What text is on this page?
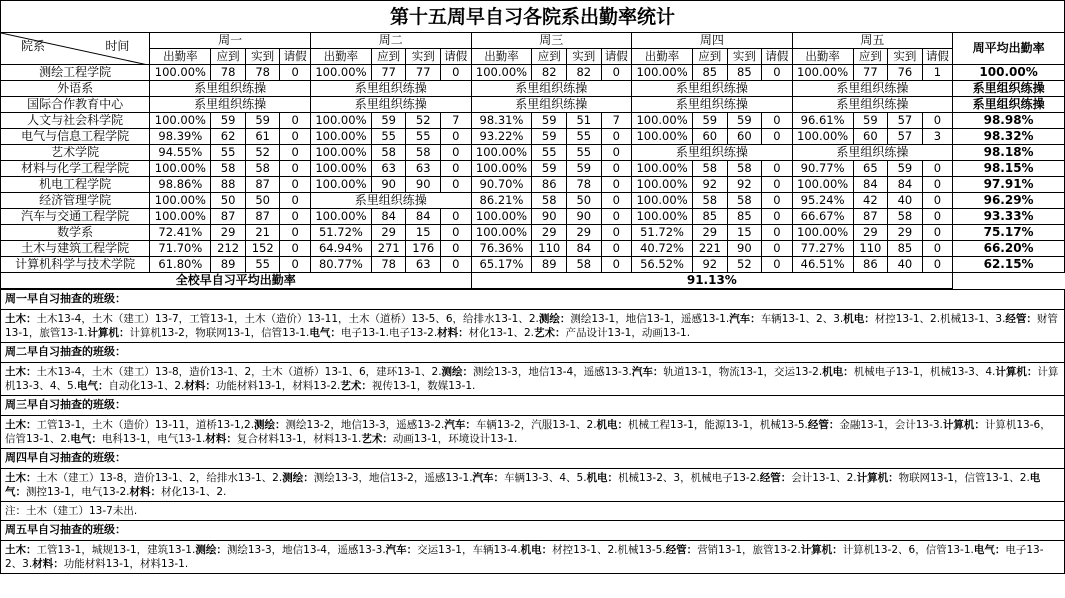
第十五周早自习各院系出勤率统计
院系 时间	周一				周二				周三				周四				周五				周平均出勤率
	出勤率	应到	实到	请假	出勤率	应到	实到	请假	出勤率	应到	实到	请假	出勤率	应到	实到	请假	出勤率	应到	实到	请假	
测绘工程学院	100.00%	78	78	0	100.00%	77	77	0	100.00%	82	82	0	100.00%	85	85	0	100.00%	77	76	1	100.00%
外语系	系里组织练操				系里组织练操				系里组织练操				系里组织练操				系里组织练操				系里组织练操
国际合作教育中心	系里组织练操				系里组织练操				系里组织练操				系里组织练操				系里组织练操				系里组织练操
人文与社会科学院	100.00%	59	59	0	100.00%	59	52	7	98.31%	59	51	7	100.00%	59	59	0	96.61%	59	57	0	98.98%
电气与信息工程学院	98.39%	62	61	0	100.00%	55	55	0	93.22%	59	55	0	100.00%	60	60	0	100.00%	60	57	3	98.32%
艺术学院	94.55%	55	52	0	100.00%	58	58	0	100.00%	55	55	0	系里组织练操				系里组织练操				98.18%
材料与化学工程学院	100.00%	58	58	0	100.00%	63	63	0	100.00%	59	59	0	100.00%	58	58	0	90.77%	65	59	0	98.15%
机电工程学院	98.86%	88	87	0	100.00%	90	90	0	90.70%	86	78	0	100.00%	92	92	0	100.00%	84	84	0	97.91%
经济管理学院	100.00%	50	50	0	系里组织练操				86.21%	58	50	0	100.00%	58	58	0	95.24%	42	40	0	96.29%
汽车与交通工程学院	100.00%	87	87	0	100.00%	84	84	0	100.00%	90	90	0	100.00%	85	85	0	66.67%	87	58	0	93.33%
数学系	72.41%	29	21	0	51.72%	29	15	0	100.00%	29	29	0	51.72%	29	15	0	100.00%	29	29	0	75.17%
土木与建筑工程学院	71.70%	212	152	0	64.94%	271	176	0	76.36%	110	84	0	40.72%	221	90	0	77.27%	110	85	0	66.20%
计算机科学与技术学院	61.80%	89	55	0	80.77%	78	63	0	65.17%	89	58	0	56.52%	92	52	0	46.51%	86	40	0	62.15%
全校早自习平均出勤率									91.13%												
周一早自习抽查的班级：
土木：土木13-4，土木（建工）13-7，工管13-1，土木（造价）13-11，土木（道桥）13-5、6，给排水13-1、2.测绘：测绘13-1，地信13-1，遥感13-1.汽车：车辆13-1、2、3.机电：材控13-1、2.机械13-1、3.经管：财管13-1，旅管13-1.计算机：计算机13-2，物联网13-1，信管13-1.电气：电子13-1.电子13-2.材料：材化13-1、2.艺术：产品设计13-1，动画13-1.
周二早自习抽查的班级：
土木：土木13-4，土木（建工）13-8，造价13-1、2，土木（道桥）13-1、6，建环13-1、2.测绘：测绘13-3，地信13-4，遥感13-3.汽车：轨道13-1，物流13-1，交运13-2.机电：机械电子13-1，机械13-3、4.计算机：计算机13-3、4、5.电气：自动化13-1、2.材料：功能材料13-1，材料13-2.艺术：视传13-1，数媒13-1.
周三早自习抽查的班级：
土木：工管13-1，土木（造价）13-11，道桥13-1,2.测绘：测绘13-2，地信13-3，遥感13-2.汽车：车辆13-2，汽服13-1、2.机电：机械工程13-1，能源13-1，机械13-5.经管：金融13-1，会计13-3.计算机：计算机13-6，信管13-1、2.电气：电科13-1，电气13-1.材料：复合材料13-1，材料13-1.艺术：动画13-1，环境设计13-1.
周四早自习抽查的班级：
土木：土木（建工）13-8，造价13-1、2，给排水13-1、2.测绘：测绘13-3，地信13-2，遥感13-1.汽车：车辆13-3、4、5.机电：机械13-2、3，机械电子13-2.经管：会计13-1、2.计算机：物联网13-1，信管13-1、2.电气：测控13-1，电气13-2.材料：材化13-1、2.
注：土木（建工）13-7未出.
周五早自习抽查的班级：
土木：工管13-1，城规13-1，建筑13-1.测绘：测绘13-3，地信13-4，遥感13-3.汽车：交运13-1，车辆13-4.机电：材控13-1、2.机械13-5.经管：营销13-1，旅管13-2.计算机：计算机13-2、6，信管13-1.电气：电子13-2、3.材料：功能材料13-1，材料13-1.
